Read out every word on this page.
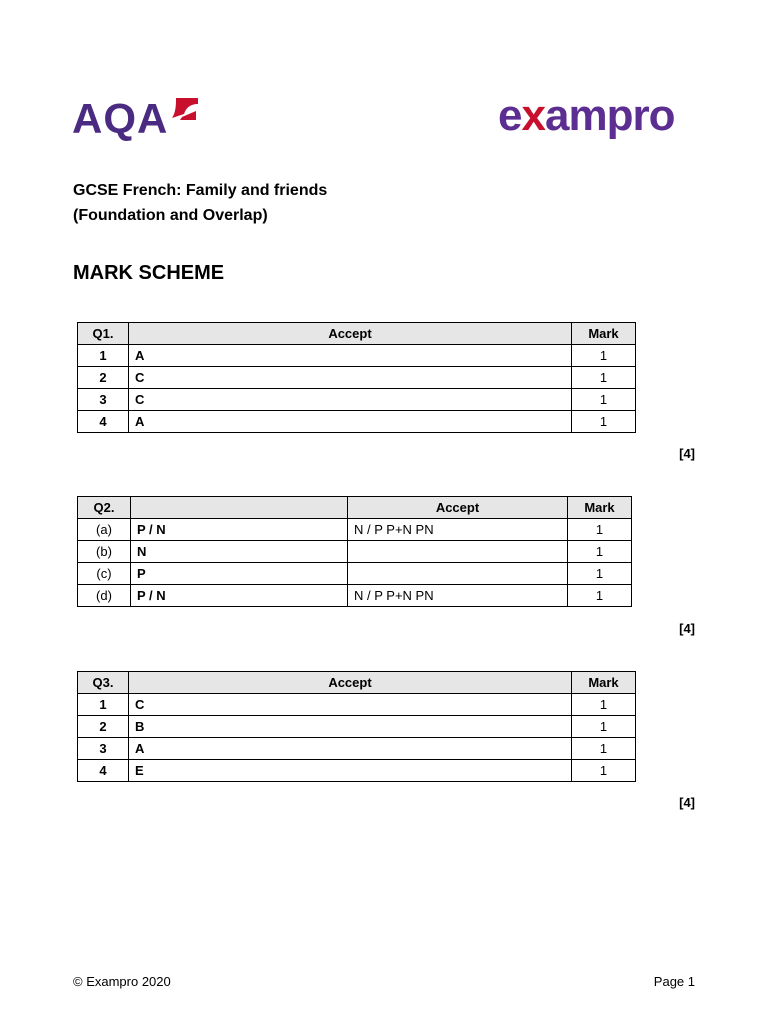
AQA	exampro
GCSE French: Family and friends
(Foundation and Overlap)
MARK SCHEME
Q1.	Accept	Mark
1	A	1
2	C	1
3	C	1
4	A	1
[4]
Q2.		Accept	Mark
(a)	P / N	N / P P+N PN	1
(b)	N		1
(c)	P		1
(d)	P / N	N / P P+N PN	1
[4]
Q3.	Accept	Mark
1	C	1
2	B	1
3	A	1
4	E	1
[4]
© Exampro 2020	Page 1
